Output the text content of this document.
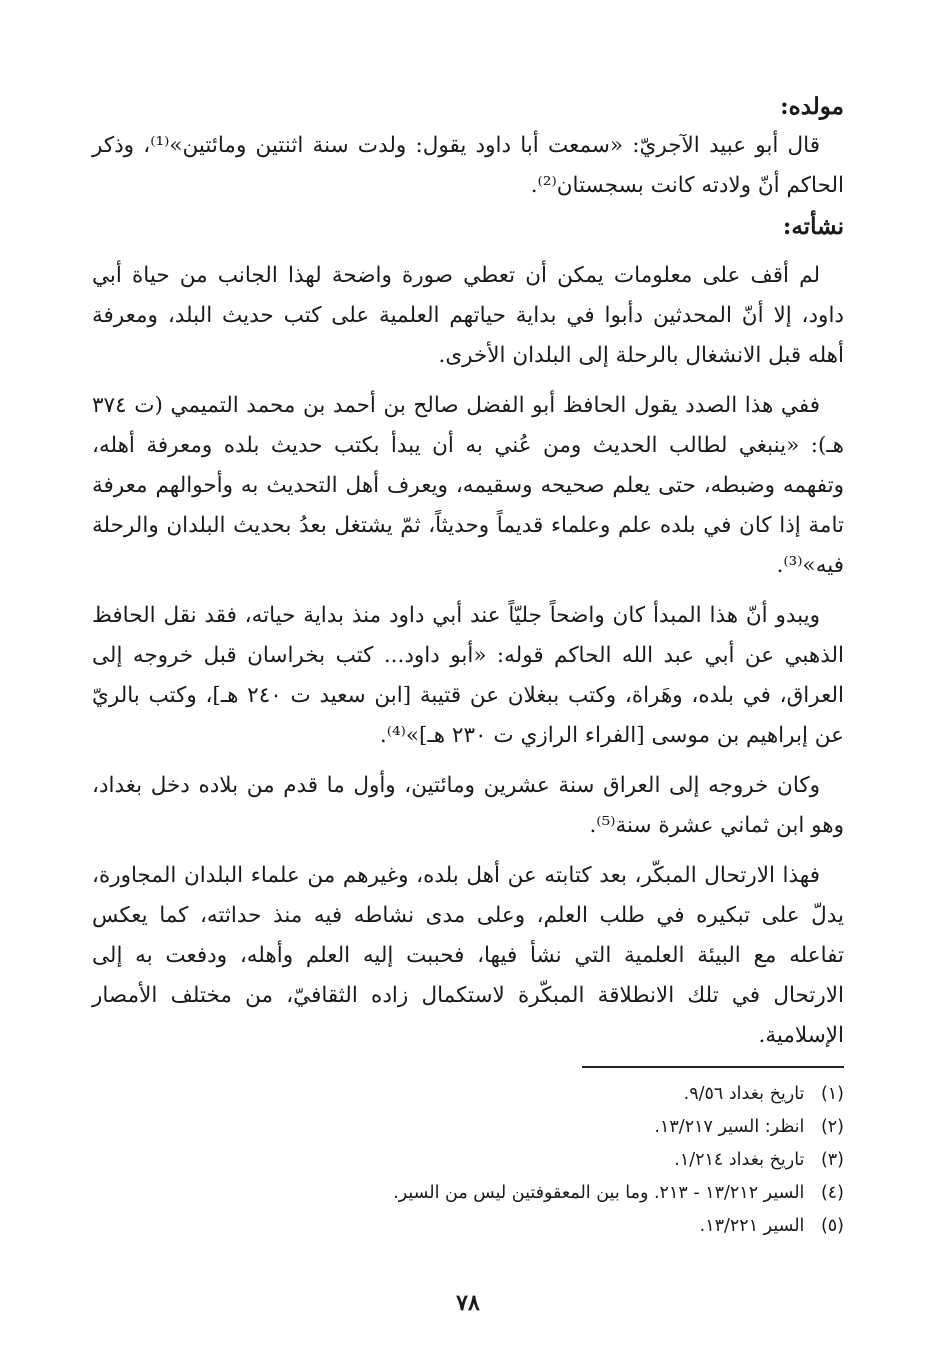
مولده:

قال أبو عبيد الآجريّ: «سمعت أبا داود يقول: ولدت سنة اثنتين ومائتين»⁽¹⁾، وذكر الحاكم أنّ ولادته كانت بسجستان⁽²⁾.

نشأته:

لم أقف على معلومات يمكن أن تعطي صورة واضحة لهذا الجانب من حياة أبي داود، إلا أنّ المحدثين دأبوا في بداية حياتهم العلمية على كتب حديث البلد، ومعرفة أهله قبل الانشغال بالرحلة إلى البلدان الأخرى.

ففي هذا الصدد يقول الحافظ أبو الفضل صالح بن أحمد بن محمد التميمي (ت ٣٧٤ هـ): «ينبغي لطالب الحديث ومن عُني به أن يبدأ بكتب حديث بلده ومعرفة أهله، وتفهمه وضبطه، حتى يعلم صحيحه وسقيمه، ويعرف أهل التحديث به وأحوالهم معرفة تامة إذا كان في بلده علم وعلماء قديماً وحديثاً، ثمّ يشتغل بعدُ بحديث البلدان والرحلة فيه»⁽³⁾.

ويبدو أنّ هذا المبدأ كان واضحاً جليّاً عند أبي داود منذ بداية حياته، فقد نقل الحافظ الذهبي عن أبي عبد الله الحاكم قوله: «أبو داود... كتب بخراسان قبل خروجه إلى العراق، في بلده، وهَراة، وكتب ببغلان عن قتيبة [ابن سعيد ت ٢٤٠ هـ]، وكتب بالريّ عن إبراهيم بن موسى [الفراء الرازي ت ٢٣٠ هـ]»⁽⁴⁾.

وكان خروجه إلى العراق سنة عشرين ومائتين، وأول ما قدم من بلاده دخل بغداد، وهو ابن ثماني عشرة سنة⁽⁵⁾.

فهذا الارتحال المبكّر، بعد كتابته عن أهل بلده، وغيرهم من علماء البلدان المجاورة، يدلّ على تبكيره في طلب العلم، وعلى مدى نشاطه فيه منذ حداثته، كما يعكس تفاعله مع البيئة العلمية التي نشأ فيها، فحببت إليه العلم وأهله، ودفعت به إلى الارتحال في تلك الانطلاقة المبكّرة لاستكمال زاده الثقافيّ، من مختلف الأمصار الإسلامية.

(١) تاريخ بغداد ٩/٥٦.
(٢) انظر: السير ١٣/٢١٧.
(٣) تاريخ بغداد ١/٢١٤.
(٤) السير ١٣/٢١٢ - ٢١٣. وما بين المعقوفتين ليس من السير.
(٥) السير ١٣/٢٢١.
٧٨
